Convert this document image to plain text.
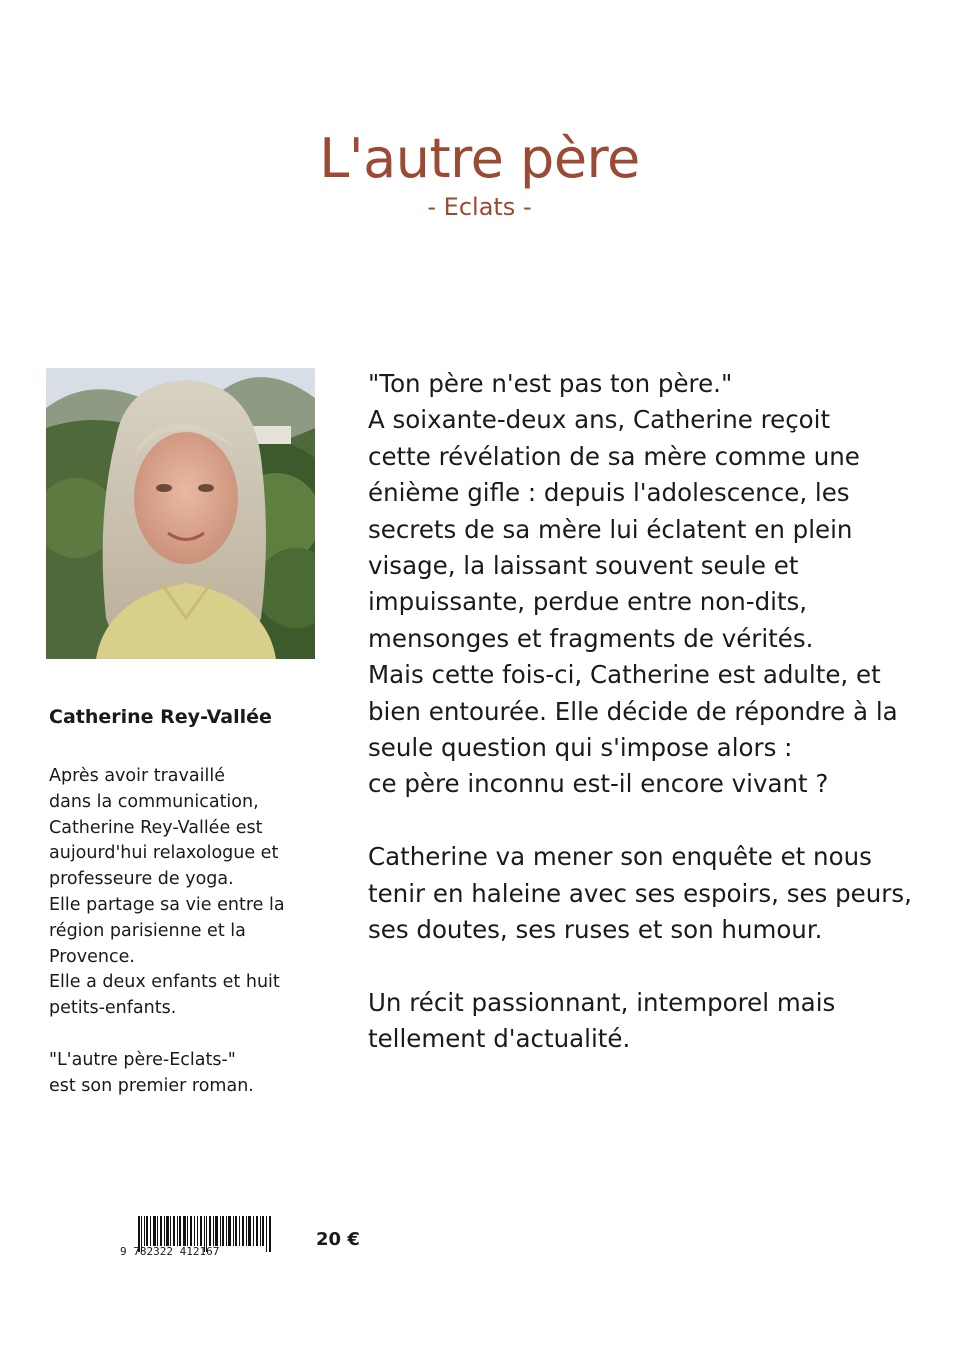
L'autre père
- Eclats -
Catherine Rey-Vallée

Après avoir travaillé
dans la communication,
Catherine Rey-Vallée est
aujourd'hui relaxologue et
professeure de yoga.
Elle partage sa vie entre la
région parisienne et la
Provence.
Elle a deux enfants et huit
petits-enfants.

"L'autre père-Eclats-"
est son premier roman.

"Ton père n'est pas ton père."
A soixante-deux ans, Catherine reçoit
cette révélation de sa mère comme une
énième gifle : depuis l'adolescence, les
secrets de sa mère lui éclatent en plein
visage, la laissant souvent seule et
impuissante, perdue entre non-dits,
mensonges et fragments de vérités.
Mais cette fois-ci, Catherine est adulte, et
bien entourée. Elle décide de répondre à la
seule question qui s'impose alors :
ce père inconnu est-il encore vivant ?

Catherine va mener son enquête et nous
tenir en haleine avec ses espoirs, ses peurs,
ses doutes, ses ruses et son humour.

Un récit passionnant, intemporel mais
tellement d'actualité.

9 782322 412167
20 €
